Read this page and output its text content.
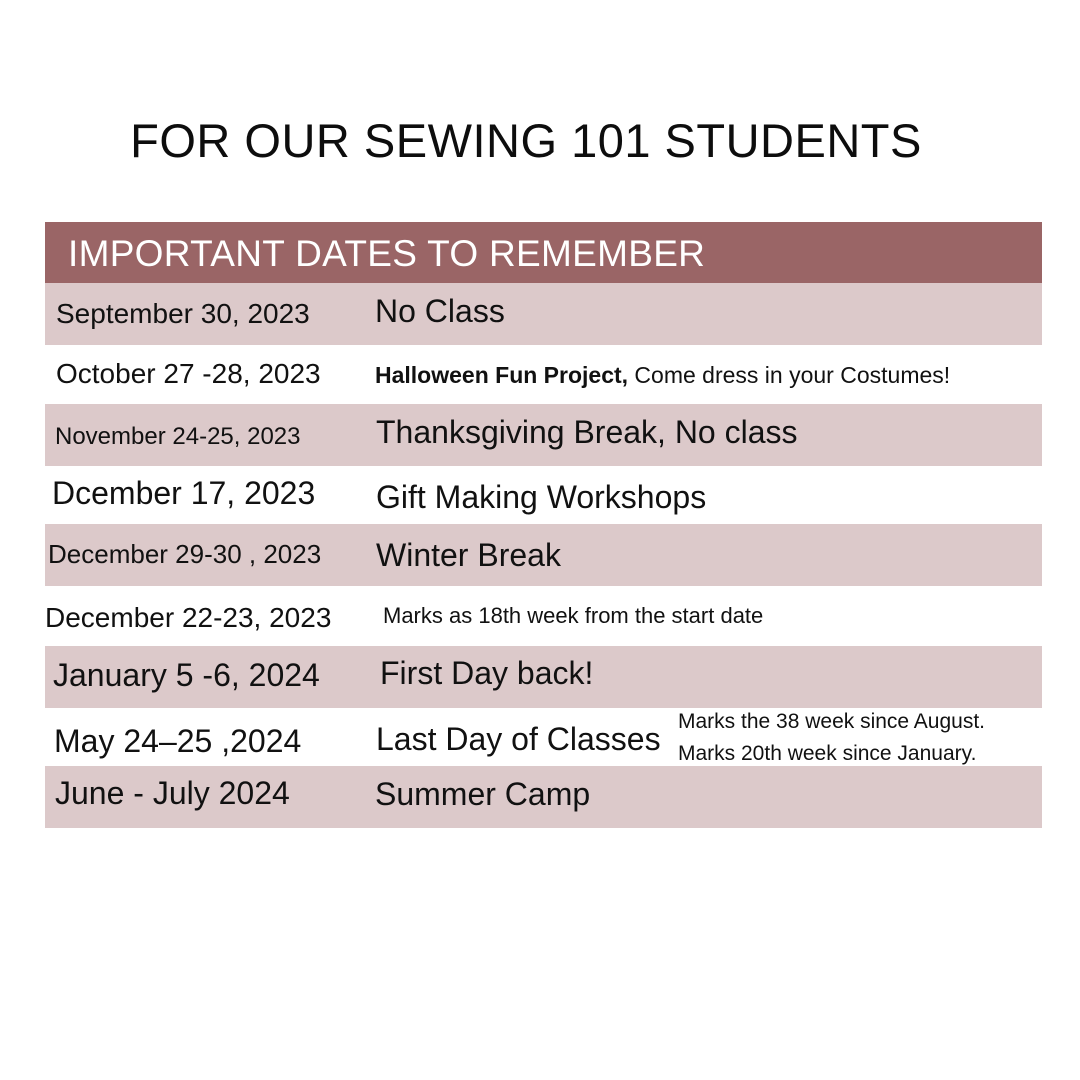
FOR OUR SEWING 101 STUDENTS
IMPORTANT DATES TO REMEMBER
September 30, 2023 No Class
October 27 -28, 2023 Halloween Fun Project, Come dress in your Costumes!
November 24-25, 2023 Thanksgiving Break, No class
Dcember 17, 2023 Gift Making Workshops
December 29-30 , 2023 Winter Break
December 22-23, 2023 Marks as 18th week from the start date
January 5 -6, 2024 First Day back!
May 24–25 ,2024 Last Day of Classes Marks the 38 week since August.
Marks 20th week since January.
June - July 2024	Summer Camp
